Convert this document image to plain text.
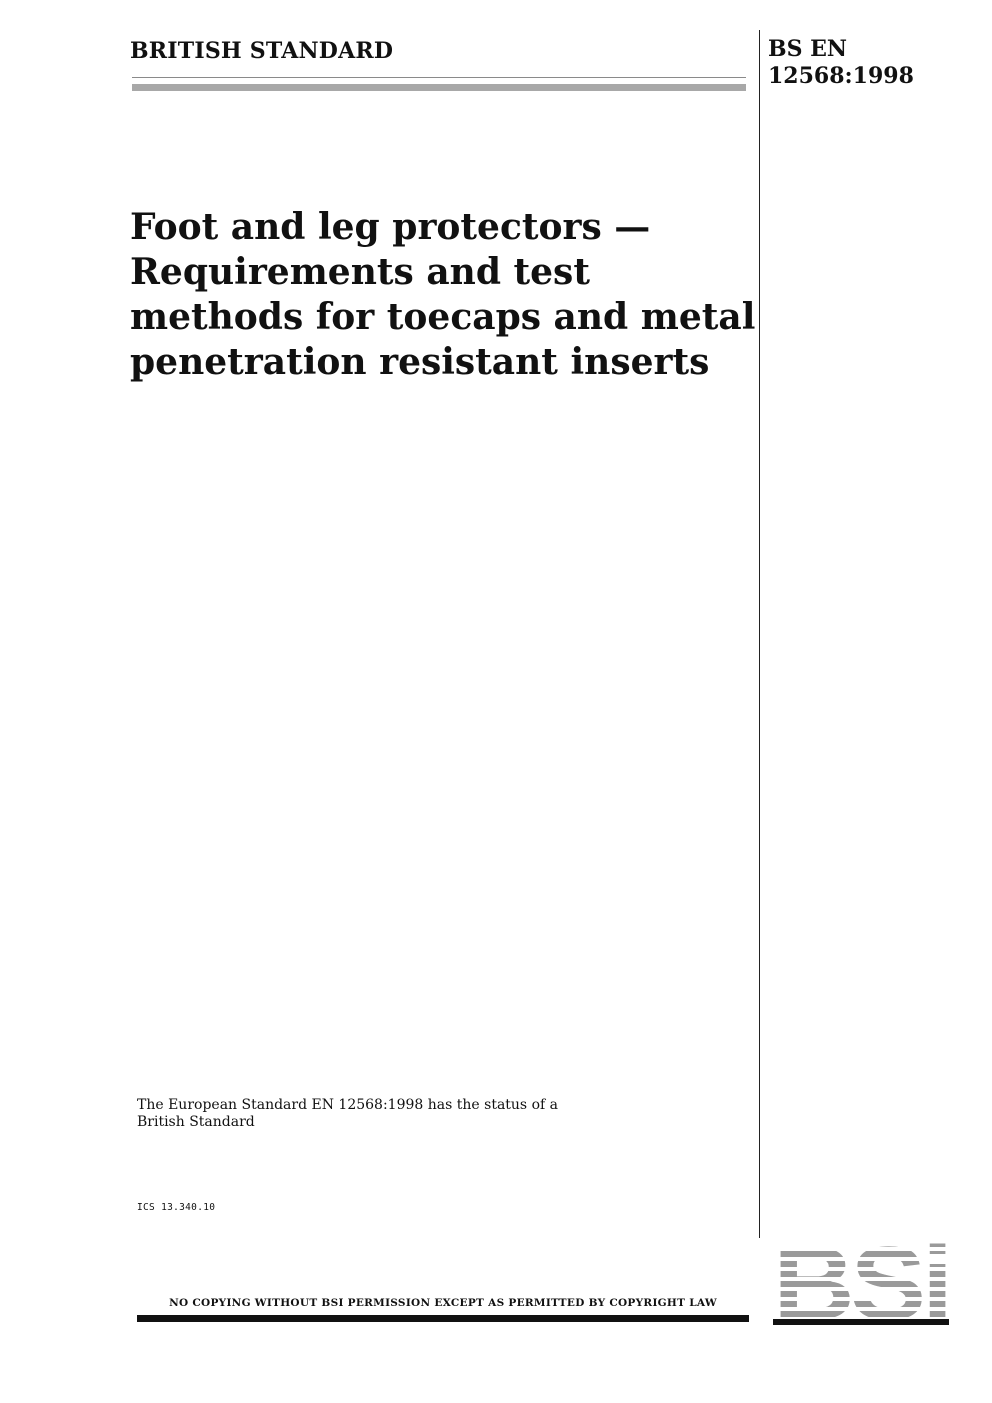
BRITISH STANDARD	BS EN
12568:1998
Foot and leg protectors —
Requirements and test
methods for toecaps and metal
penetration resistant inserts
The European Standard EN 12568:1998 has the status of a
British Standard
ICS 13.340.10
NO COPYING WITHOUT BSI PERMISSION EXCEPT AS PERMITTED BY COPYRIGHT LAW
